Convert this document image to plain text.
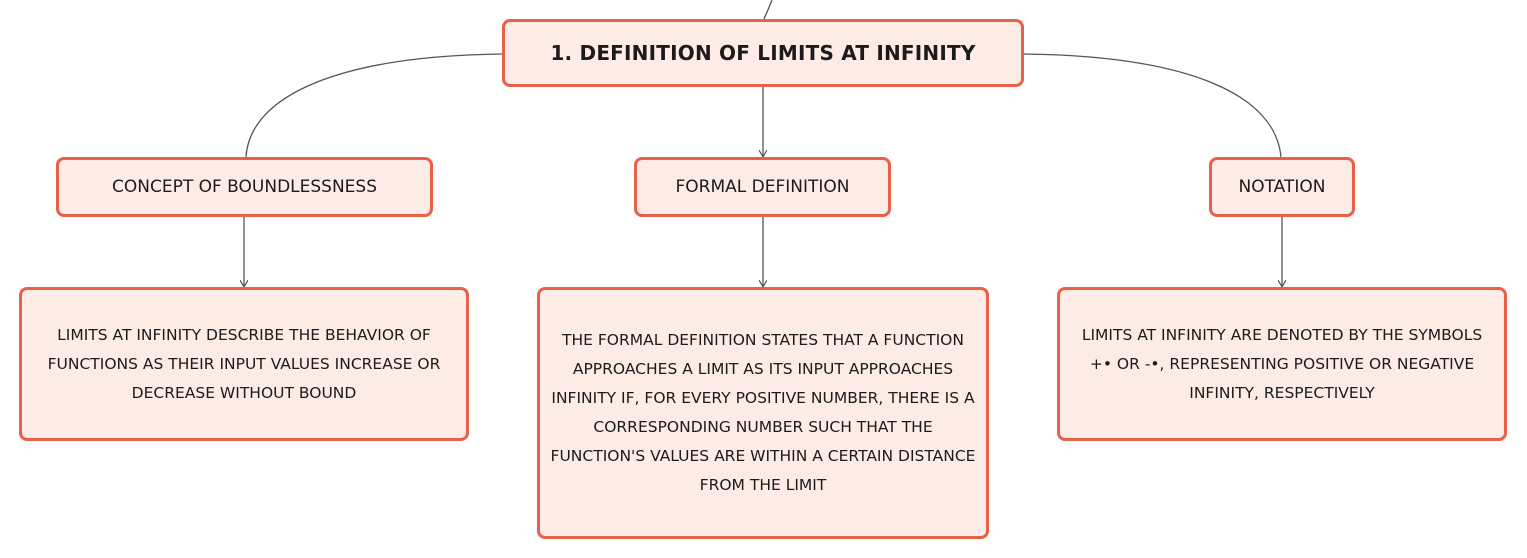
1. DEFINITION OF LIMITS AT INFINITY
CONCEPT OF BOUNDLESSNESS	FORMAL DEFINITION	NOTATION
LIMITS AT INFINITY DESCRIBE THE BEHAVIOR OF FUNCTIONS AS THEIR INPUT VALUES INCREASE OR DECREASE WITHOUT BOUND
THE FORMAL DEFINITION STATES THAT A FUNCTION APPROACHES A LIMIT AS ITS INPUT APPROACHES INFINITY IF, FOR EVERY POSITIVE NUMBER, THERE IS A CORRESPONDING NUMBER SUCH THAT THE FUNCTION'S VALUES ARE WITHIN A CERTAIN DISTANCE FROM THE LIMIT
LIMITS AT INFINITY ARE DENOTED BY THE SYMBOLS +• OR -•, REPRESENTING POSITIVE OR NEGATIVE INFINITY, RESPECTIVELY
